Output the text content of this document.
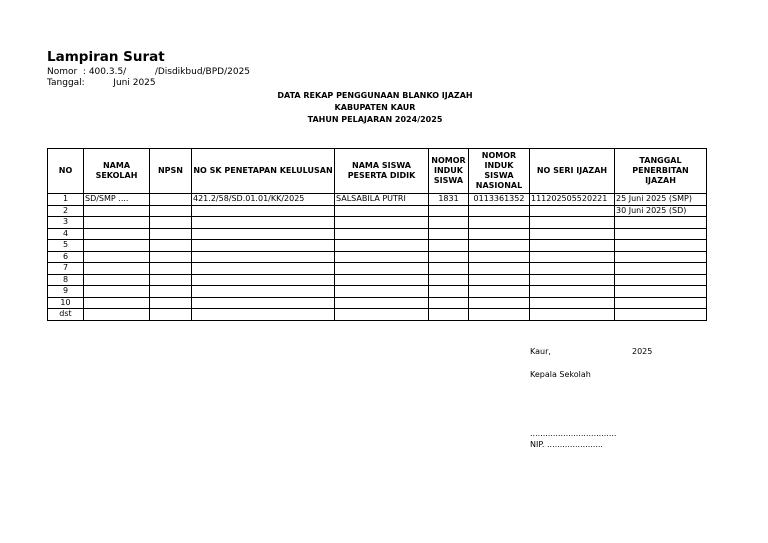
Lampiran Surat
Nomor  : 400.3.5/          /Disdikbud/BPD/2025
Tanggal:          Juni 2025
DATA REKAP PENGGUNAAN BLANKO IJAZAH
KABUPATEN KAUR
TAHUN PELAJARAN 2024/2025
NO	NAMA SEKOLAH	NPSN	NO SK PENETAPAN KELULUSAN	NAMA SISWA PESERTA DIDIK	NOMOR INDUK SISWA	NOMOR INDUK SISWA NASIONAL	NO SERI IJAZAH	TANGGAL PENERBITAN IJAZAH
1	SD/SMP ....		421.2/58/SD.01.01/KK/2025	SALSABILA PUTRI	1831	0113361352	111202505520221	25 Juni 2025 (SMP)
2								30 Juni 2025 (SD)
3								
4								
5								
6								
7								
8								
9								
10								
dst								
Kaur,	2025
Kepala Sekolah
..................................
NIP. ......................
